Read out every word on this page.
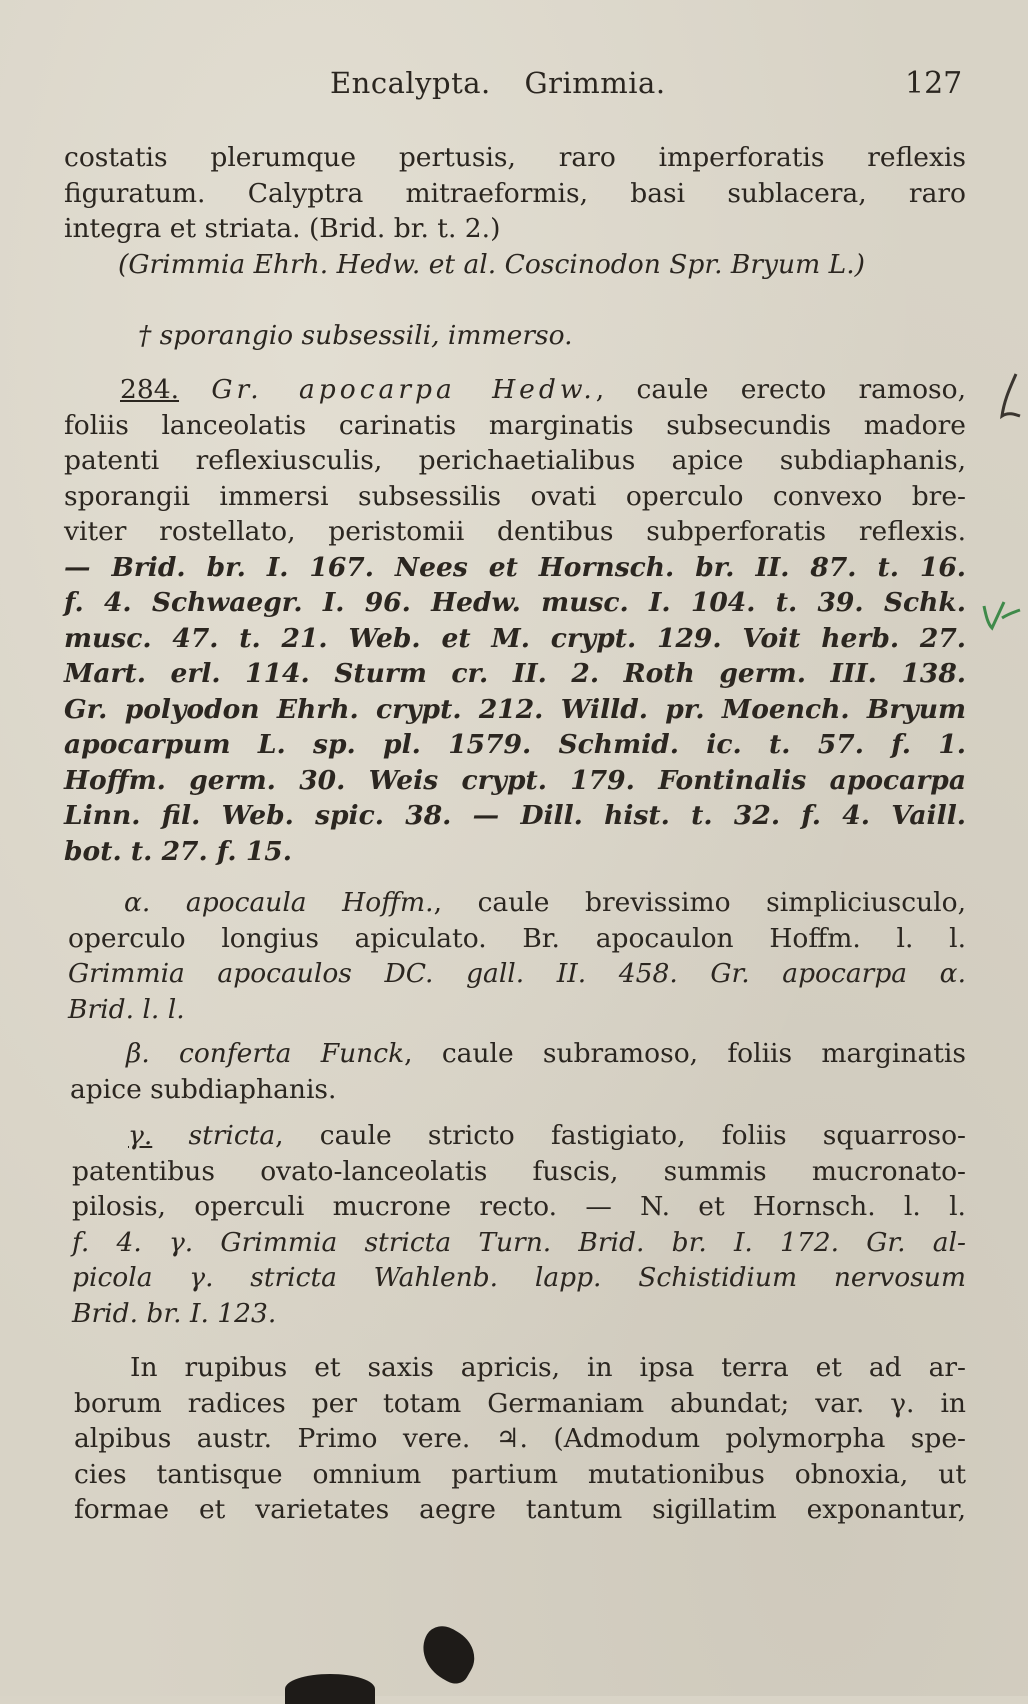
Encalypta. Grimmia.	127
costatis plerumque pertusis, raro imperforatis reflexis
figuratum. Calyptra mitraeformis, basi sublacera, raro
integra et striata. (Brid. br. t. 2.)
(Grimmia Ehrh. Hedw. et al. Coscinodon Spr. Bryum L.)
† sporangio subsessili, immerso.
284. Gr. apocarpa Hedw., caule erecto ramoso,
foliis lanceolatis carinatis marginatis subsecundis madore
patenti reflexiusculis, perichaetialibus apice subdiaphanis,
sporangii immersi subsessilis ovati operculo convexo bre-
viter rostellato, peristomii dentibus subperforatis reflexis.
— Brid. br. I. 167. Nees et Hornsch. br. II. 87. t. 16.
f. 4. Schwaegr. I. 96. Hedw. musc. I. 104. t. 39. Schk.
musc. 47. t. 21. Web. et M. crypt. 129. Voit herb. 27.
Mart. erl. 114. Sturm cr. II. 2. Roth germ. III. 138.
Gr. polyodon Ehrh. crypt. 212. Willd. pr. Moench. Bryum
apocarpum L. sp. pl. 1579. Schmid. ic. t. 57. f. 1.
Hoffm. germ. 30. Weis crypt. 179. Fontinalis apocarpa
Linn. fil. Web. spic. 38. — Dill. hist. t. 32. f. 4. Vaill.
bot. t. 27. f. 15.
α. apocaula Hoffm., caule brevissimo simpliciusculo,
operculo longius apiculato. Br. apocaulon Hoffm. l. l.
Grimmia apocaulos DC. gall. II. 458. Gr. apocarpa α.
Brid. l. l.
β. conferta Funck, caule subramoso, foliis marginatis
apice subdiaphanis.
γ. stricta, caule stricto fastigiato, foliis squarroso-
patentibus ovato-lanceolatis fuscis, summis mucronato-
pilosis, operculi mucrone recto. — N. et Hornsch. l. l.
f. 4. γ. Grimmia stricta Turn. Brid. br. I. 172. Gr. al-
picola γ. stricta Wahlenb. lapp. Schistidium nervosum
Brid. br. I. 123.
In rupibus et saxis apricis, in ipsa terra et ad ar-
borum radices per totam Germaniam abundat; var. γ. in
alpibus austr. Primo vere. ♃. (Admodum polymorpha spe-
cies tantisque omnium partium mutationibus obnoxia, ut
formae et varietates aegre tantum sigillatim exponantur,
